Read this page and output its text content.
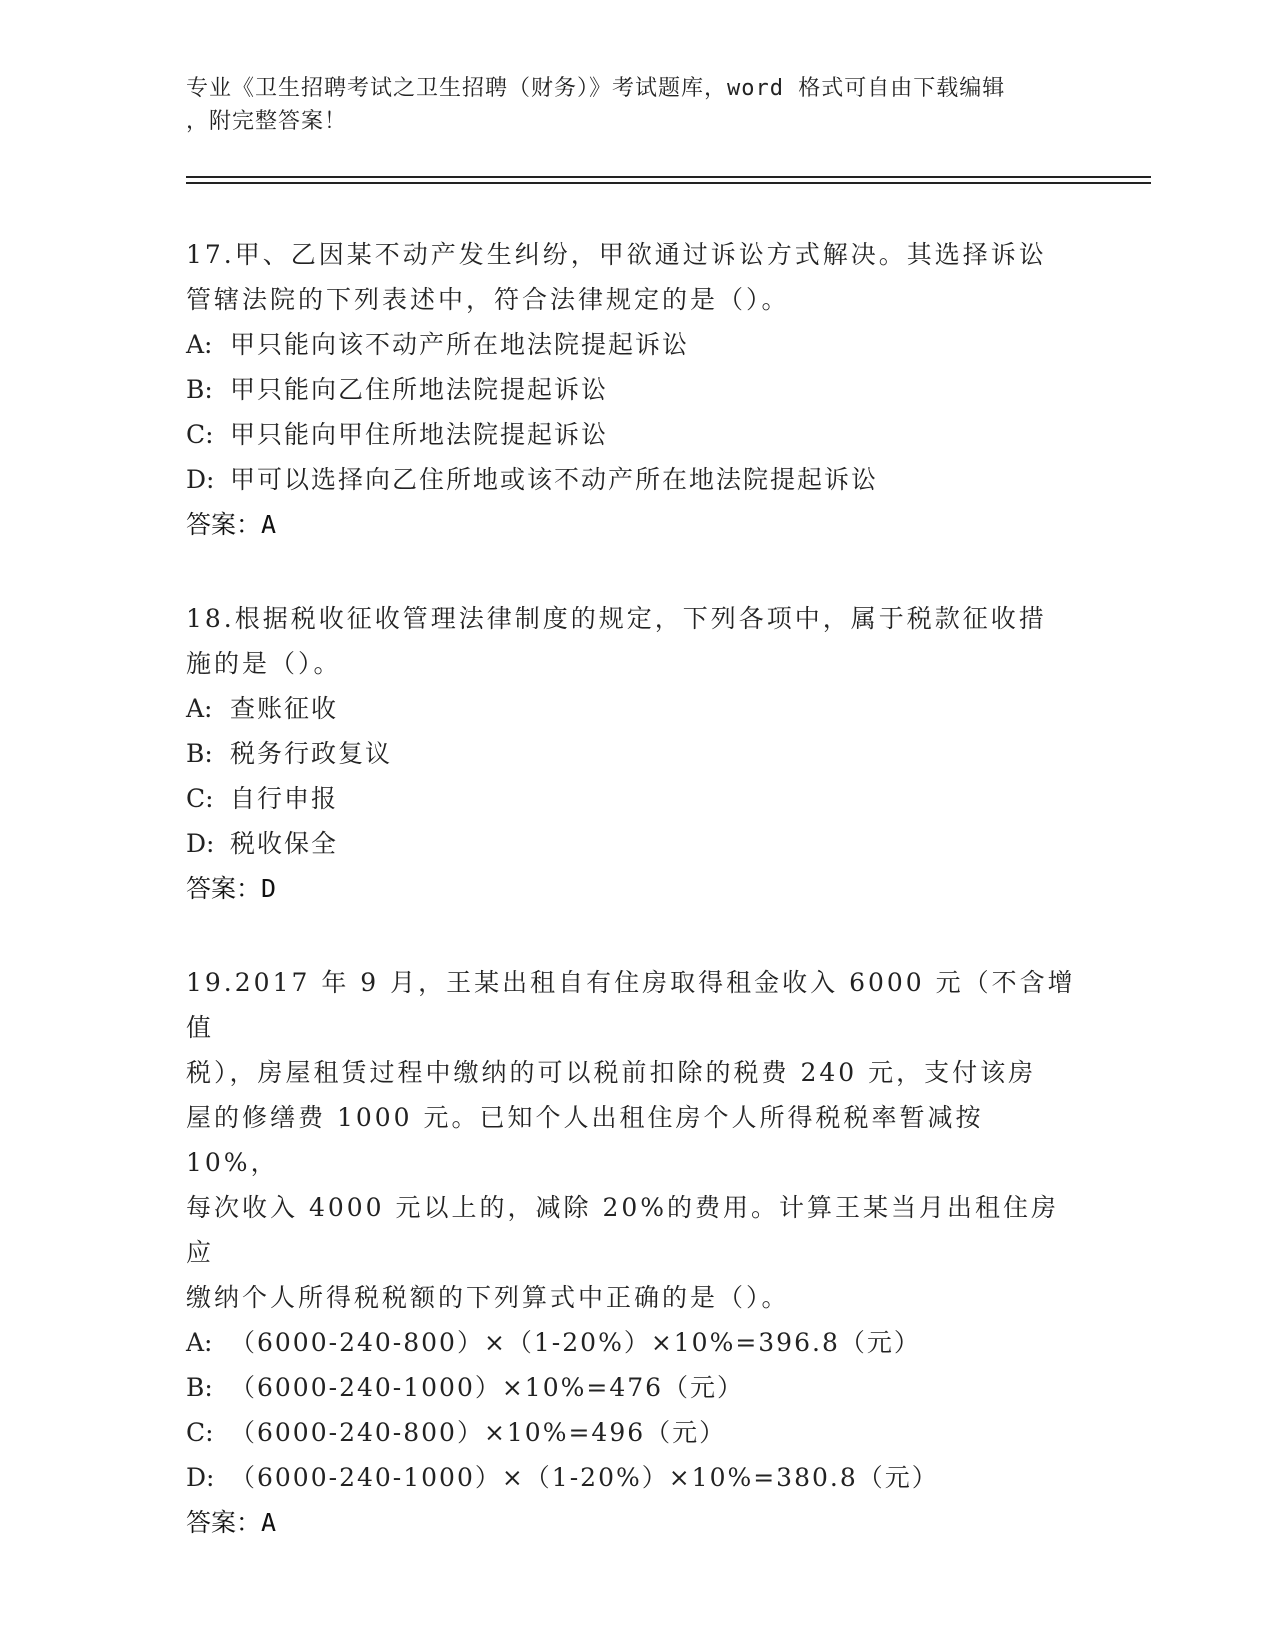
专业《卫生招聘考试之卫生招聘（财务）》考试题库，word 格式可自由下载编辑

，附完整答案！

17.甲、乙因某不动产发生纠纷，甲欲通过诉讼方式解决。其选择诉讼

管辖法院的下列表述中，符合法律规定的是（）。

A: 甲只能向该不动产所在地法院提起诉讼

B: 甲只能向乙住所地法院提起诉讼

C: 甲只能向甲住所地法院提起诉讼

D: 甲可以选择向乙住所地或该不动产所在地法院提起诉讼

答案：A

18.根据税收征收管理法律制度的规定，下列各项中，属于税款征收措

施的是（）。

A: 查账征收

B: 税务行政复议

C: 自行申报

D: 税收保全

答案：D

19.2017 年 9 月，王某出租自有住房取得租金收入 6000 元（不含增值

税），房屋租赁过程中缴纳的可以税前扣除的税费 240 元，支付该房

屋的修缮费 1000 元。已知个人出租住房个人所得税税率暂减按 10%，

每次收入 4000 元以上的，减除 20%的费用。计算王某当月出租住房应

缴纳个人所得税税额的下列算式中正确的是（）。

A: （6000-240-800）×（1-20%）×10%=396.8（元）

B: （6000-240-1000）×10%=476（元）

C: （6000-240-800）×10%=496（元）

D: （6000-240-1000）×（1-20%）×10%=380.8（元）

答案：A
